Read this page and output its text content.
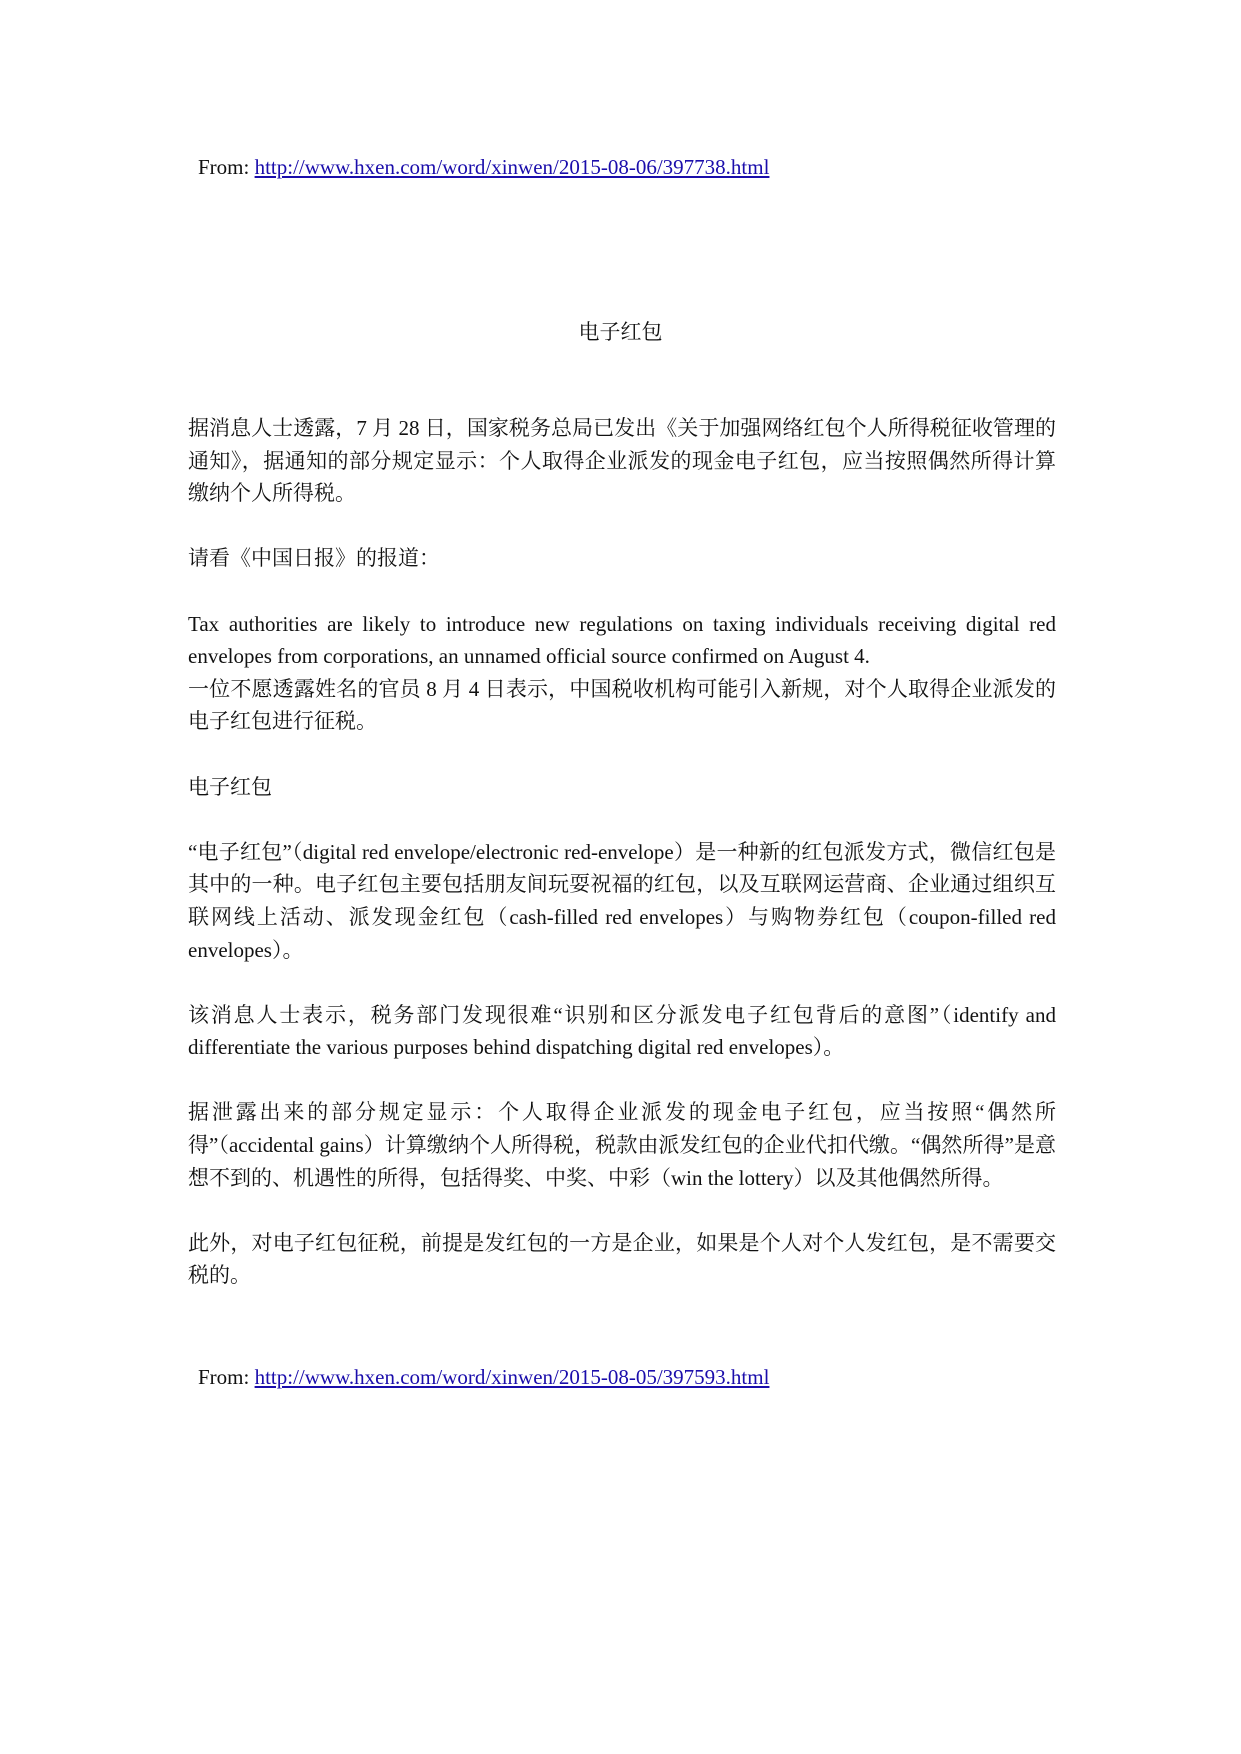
From: http://www.hxen.com/word/xinwen/2015-08-06/397738.html
电子红包

据消息人士透露，7 月 28 日，国家税务总局已发出《关于加强网络红包个人所得税征收管理的通知》，据通知的部分规定显示：个人取得企业派发的现金电子红包，应当按照偶然所得计算缴纳个人所得税。

请看《中国日报》的报道：

Tax authorities are likely to introduce new regulations on taxing individuals receiving digital red envelopes from corporations, an unnamed official source confirmed on August 4.

一位不愿透露姓名的官员 8 月 4 日表示，中国税收机构可能引入新规，对个人取得企业派发的电子红包进行征税。

电子红包

“电子红包”（digital red envelope/electronic red-envelope）是一种新的红包派发方式，微信红包是其中的一种。电子红包主要包括朋友间玩耍祝福的红包，以及互联网运营商、企业通过组织互联网线上活动、派发现金红包（cash-filled red envelopes）与购物券红包（coupon-filled red envelopes）。

该消息人士表示，税务部门发现很难“识别和区分派发电子红包背后的意图”（identify and differentiate the various purposes behind dispatching digital red envelopes）。

据泄露出来的部分规定显示：个人取得企业派发的现金电子红包，应当按照“偶然所得”（accidental gains）计算缴纳个人所得税，税款由派发红包的企业代扣代缴。“偶然所得”是意想不到的、机遇性的所得，包括得奖、中奖、中彩（win the lottery）以及其他偶然所得。

此外，对电子红包征税，前提是发红包的一方是企业，如果是个人对个人发红包，是不需要交税的。

From: http://www.hxen.com/word/xinwen/2015-08-05/397593.html
